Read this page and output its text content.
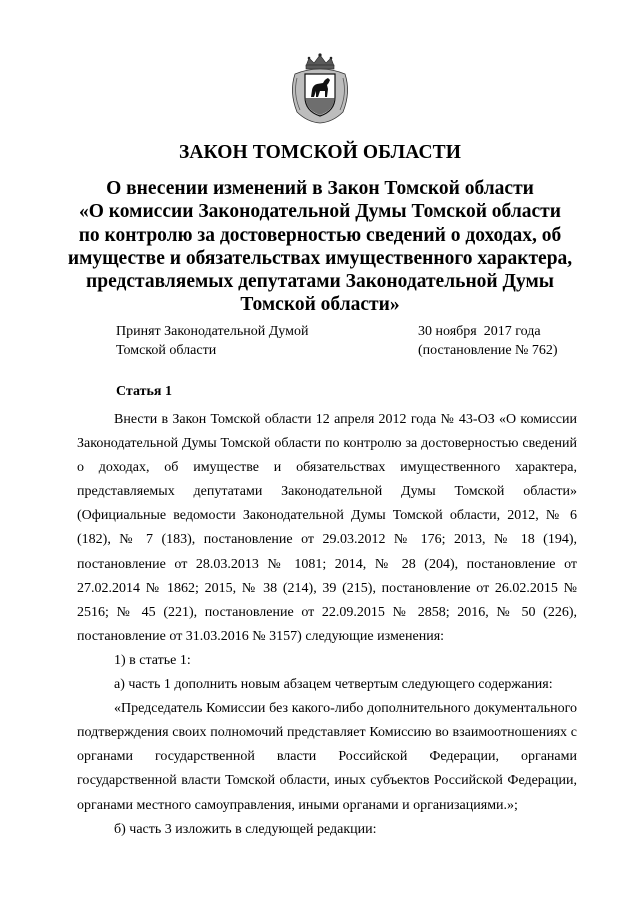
ЗАКОН ТОМСКОЙ ОБЛАСТИ
О внесении изменений в Закон Томской области
«О комиссии Законодательной Думы Томской области
по контролю за достоверностью сведений о доходах, об
имуществе и обязательствах имущественного характера,
представляемых депутатами Законодательной Думы
Томской области»
Принят Законодательной Думой
Томской области
30 ноября  2017 года
(постановление № 762)
Статья 1

Внести в Закон Томской области 12 апреля 2012 года № 43-ОЗ «О комиссии Законодательной Думы Томской области по контролю за достоверностью сведений о доходах, об имуществе и обязательствах имущественного характера, представляемых депутатами Законодательной Думы Томской области» (Официальные ведомости Законодательной Думы Томской области, 2012, № 6 (182), № 7 (183), постановление от 29.03.2012 № 176; 2013, № 18 (194), постановление от 28.03.2013 № 1081; 2014, № 28 (204), постановление от 27.02.2014 № 1862; 2015, № 38 (214), 39 (215), постановление от 26.02.2015 № 2516; № 45 (221), постановление от 22.09.2015 № 2858; 2016, № 50 (226), постановление от 31.03.2016 № 3157) следующие изменения:

1) в статье 1:

а) часть 1 дополнить новым абзацем четвертым следующего содержания:

«Председатель Комиссии без какого-либо дополнительного документального подтверждения своих полномочий представляет Комиссию во взаимоотношениях с органами государственной власти Российской Федерации, органами государственной власти Томской области, иных субъектов Российской Федерации, органами местного самоуправления, иными органами и организациями.»;

б) часть 3 изложить в следующей редакции:
